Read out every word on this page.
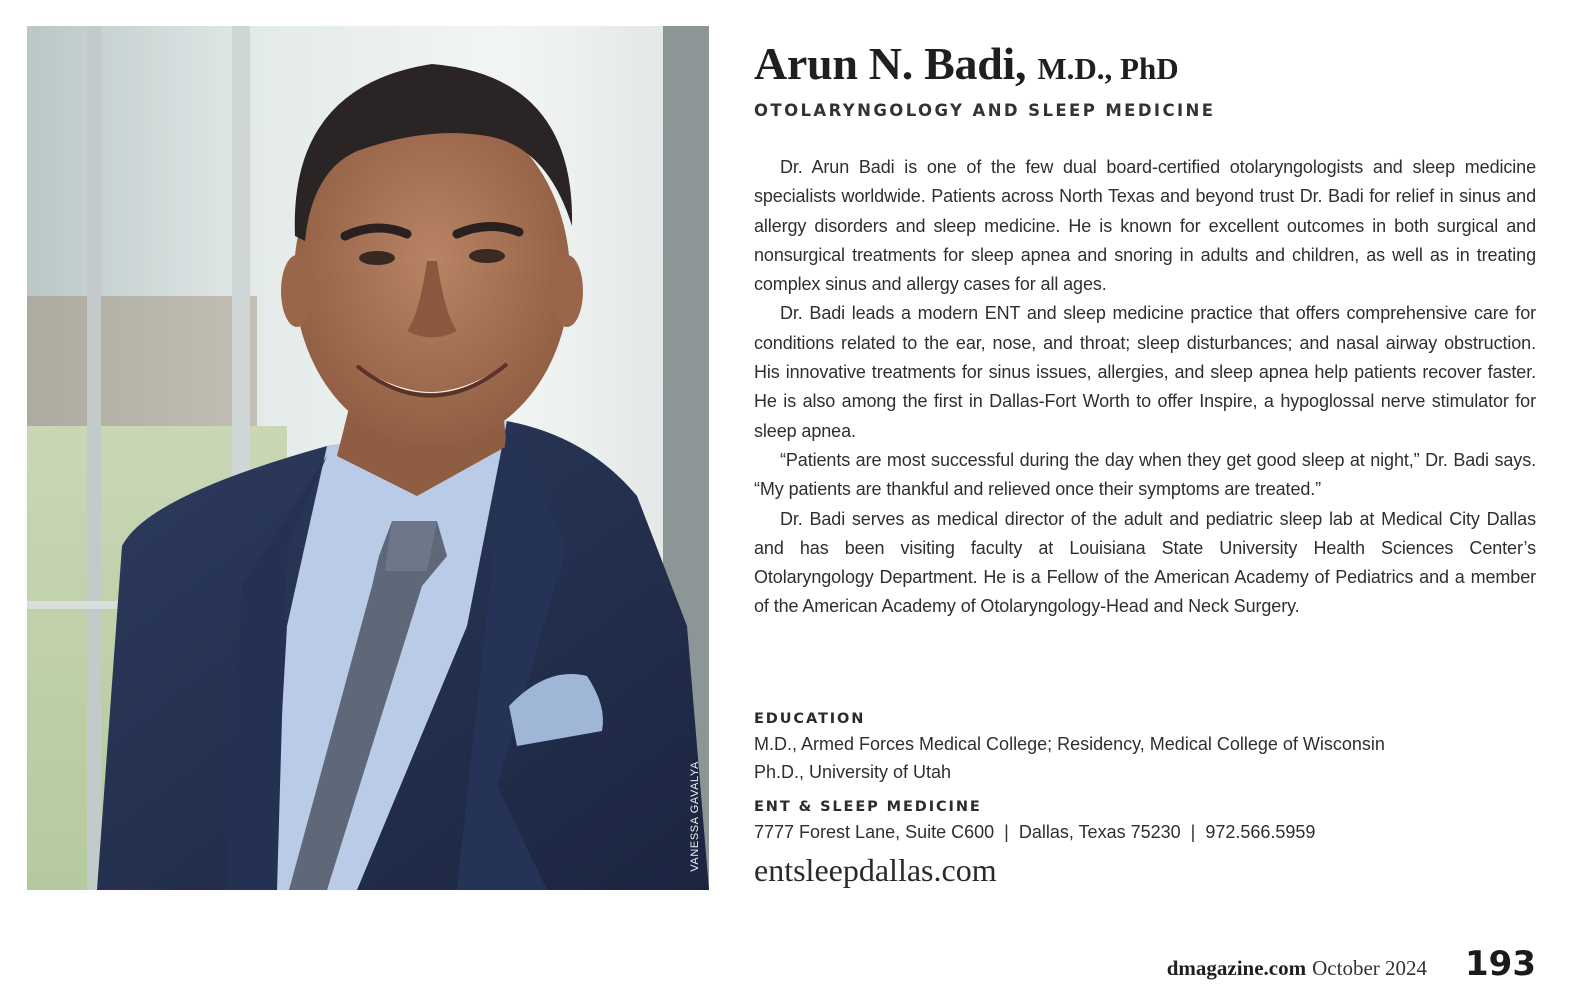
VANESSA GAVALYA
Arun N. Badi, M.D., PhD

OTOLARYNGOLOGY AND SLEEP MEDICINE

Dr. Arun Badi is one of the few dual board-certified otolaryngologists and sleep medicine specialists worldwide. Patients across North Texas and beyond trust Dr. Badi for relief in sinus and allergy disorders and sleep medicine. He is known for excellent outcomes in both surgical and nonsurgical treatments for sleep apnea and snoring in adults and children, as well as in treating complex sinus and allergy cases for all ages.

Dr. Badi leads a modern ENT and sleep medicine practice that offers comprehensive care for conditions related to the ear, nose, and throat; sleep disturbances; and nasal airway obstruction. His innovative treatments for sinus issues, allergies, and sleep apnea help patients recover faster. He is also among the first in Dallas-Fort Worth to offer Inspire, a hypoglossal nerve stimulator for sleep apnea.

“Patients are most successful during the day when they get good sleep at night,” Dr. Badi says. “My patients are thankful and relieved once their symptoms are treated.”

Dr. Badi serves as medical director of the adult and pediatric sleep lab at Medical City Dallas and has been visiting faculty at Louisiana State University Health Sciences Center’s Otolaryngology Department. He is a Fellow of the American Academy of Pediatrics and a member of the American Academy of Otolaryngology-Head and Neck Surgery.

EDUCATION

M.D., Armed Forces Medical College; Residency, Medical College of Wisconsin

Ph.D., University of Utah

ENT & SLEEP MEDICINE

7777 Forest Lane, Suite C600 | Dallas, Texas 75230 | 972.566.5959

entsleepdallas.com

dmagazine.com October 2024 193
